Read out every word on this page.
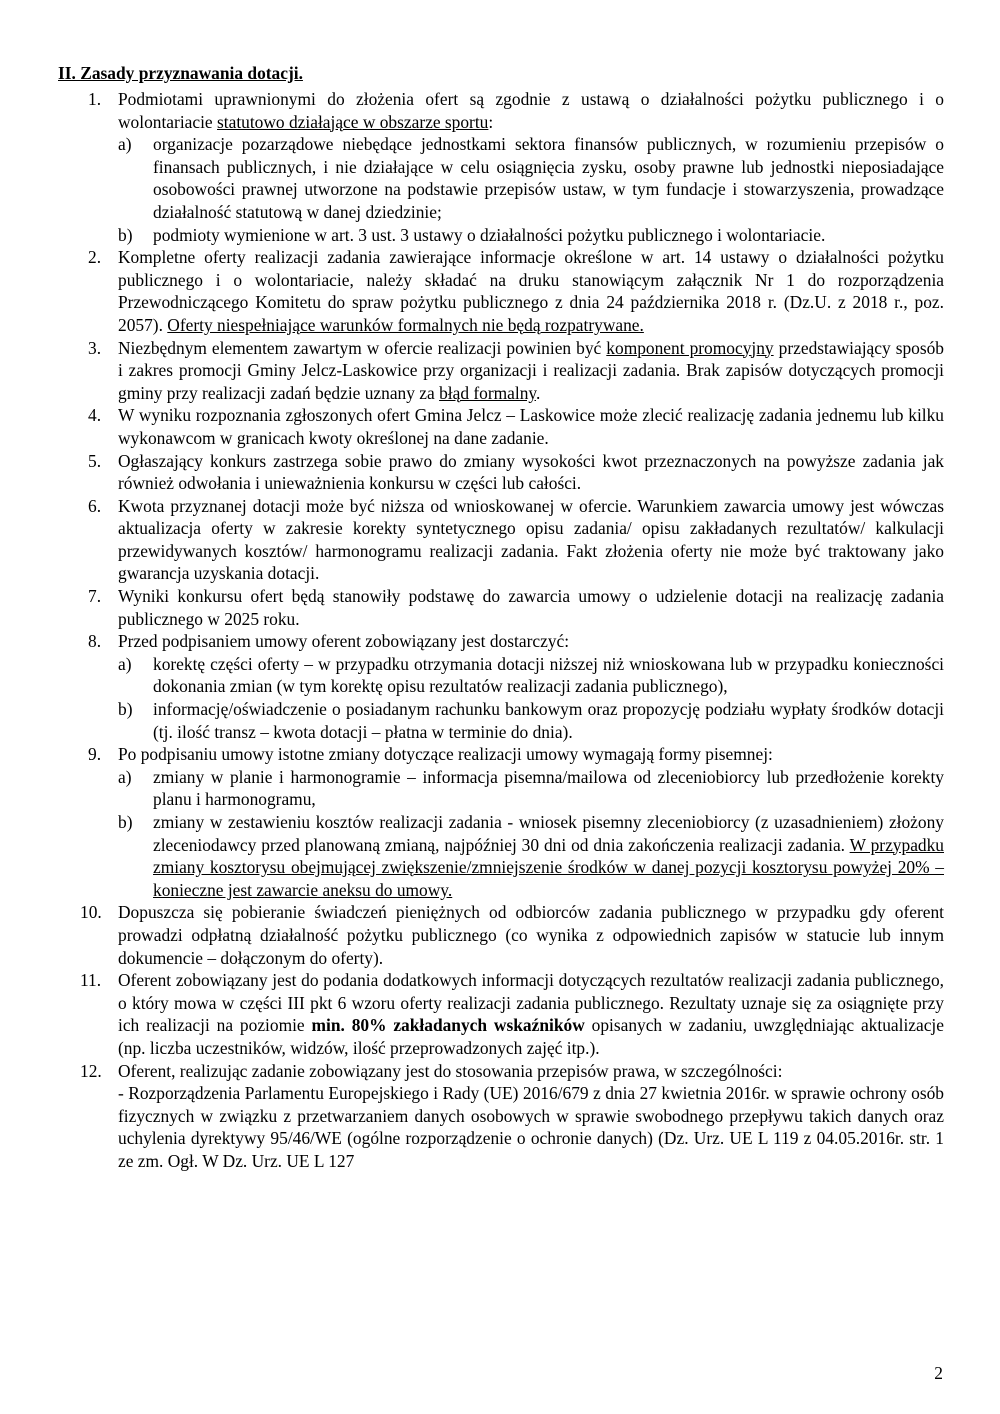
II. Zasady przyznawania dotacji.
1. Podmiotami uprawnionymi do złożenia ofert są zgodnie z ustawą o działalności pożytku publicznego i o wolontariacie statutowo działające w obszarze sportu:
a) organizacje pozarządowe niebędące jednostkami sektora finansów publicznych, w rozumieniu przepisów o finansach publicznych, i nie działające w celu osiągnięcia zysku, osoby prawne lub jednostki nieposiadające osobowości prawnej utworzone na podstawie przepisów ustaw, w tym fundacje i stowarzyszenia, prowadzące działalność statutową w danej dziedzinie;
b) podmioty wymienione w art. 3 ust. 3 ustawy o działalności pożytku publicznego i wolontariacie.
2. Kompletne oferty realizacji zadania zawierające informacje określone w art. 14 ustawy o działalności pożytku publicznego i o wolontariacie, należy składać na druku stanowiącym załącznik Nr 1 do rozporządzenia Przewodniczącego Komitetu do spraw pożytku publicznego z dnia 24 października 2018 r. (Dz.U. z 2018 r., poz. 2057). Oferty niespełniające warunków formalnych nie będą rozpatrywane.
3. Niezbędnym elementem zawartym w ofercie realizacji powinien być komponent promocyjny przedstawiający sposób i zakres promocji Gminy Jelcz-Laskowice przy organizacji i realizacji zadania. Brak zapisów dotyczących promocji gminy przy realizacji zadań będzie uznany za błąd formalny.
4. W wyniku rozpoznania zgłoszonych ofert Gmina Jelcz – Laskowice może zlecić realizację zadania jednemu lub kilku wykonawcom w granicach kwoty określonej na dane zadanie.
5. Ogłaszający konkurs zastrzega sobie prawo do zmiany wysokości kwot przeznaczonych na powyższe zadania jak również odwołania i unieważnienia konkursu w części lub całości.
6. Kwota przyznanej dotacji może być niższa od wnioskowanej w ofercie. Warunkiem zawarcia umowy jest wówczas aktualizacja oferty w zakresie korekty syntetycznego opisu zadania/ opisu zakładanych rezultatów/ kalkulacji przewidywanych kosztów/ harmonogramu realizacji zadania. Fakt złożenia oferty nie może być traktowany jako gwarancja uzyskania dotacji.
7. Wyniki konkursu ofert będą stanowiły podstawę do zawarcia umowy o udzielenie dotacji na realizację zadania publicznego w 2025 roku.
8. Przed podpisaniem umowy oferent zobowiązany jest dostarczyć:
a) korektę części oferty – w przypadku otrzymania dotacji niższej niż wnioskowana lub w przypadku konieczności dokonania zmian (w tym korektę opisu rezultatów realizacji zadania publicznego),
b) informację/oświadczenie o posiadanym rachunku bankowym oraz propozycję podziału wypłaty środków dotacji (tj. ilość transz – kwota dotacji – płatna w terminie do dnia).
9. Po podpisaniu umowy istotne zmiany dotyczące realizacji umowy wymagają formy pisemnej:
a) zmiany w planie i harmonogramie – informacja pisemna/mailowa od zleceniobiorcy lub przedłożenie korekty planu i harmonogramu,
b) zmiany w zestawieniu kosztów realizacji zadania - wniosek pisemny zleceniobiorcy (z uzasadnieniem) złożony zleceniodawcy przed planowaną zmianą, najpóźniej 30 dni od dnia zakończenia realizacji zadania. W przypadku zmiany kosztorysu obejmującej zwiększenie/zmniejszenie środków w danej pozycji kosztorysu powyżej 20% – konieczne jest zawarcie aneksu do umowy.
10. Dopuszcza się pobieranie świadczeń pieniężnych od odbiorców zadania publicznego w przypadku gdy oferent prowadzi odpłatną działalność pożytku publicznego (co wynika z odpowiednich zapisów w statucie lub innym dokumencie – dołączonym do oferty).
11. Oferent zobowiązany jest do podania dodatkowych informacji dotyczących rezultatów realizacji zadania publicznego, o który mowa w części III pkt 6 wzoru oferty realizacji zadania publicznego. Rezultaty uznaje się za osiągnięte przy ich realizacji na poziomie min. 80% zakładanych wskaźników opisanych w zadaniu, uwzględniając aktualizacje (np. liczba uczestników, widzów, ilość przeprowadzonych zajęć itp.).
12. Oferent, realizując zadanie zobowiązany jest do stosowania przepisów prawa, w szczególności:
- Rozporządzenia Parlamentu Europejskiego i Rady (UE) 2016/679 z dnia 27 kwietnia 2016r. w sprawie ochrony osób fizycznych w związku z przetwarzaniem danych osobowych w sprawie swobodnego przepływu takich danych oraz uchylenia dyrektywy 95/46/WE (ogólne rozporządzenie o ochronie danych) (Dz. Urz. UE L 119 z 04.05.2016r. str. 1 ze zm. Ogł. W Dz. Urz. UE L 127
2
